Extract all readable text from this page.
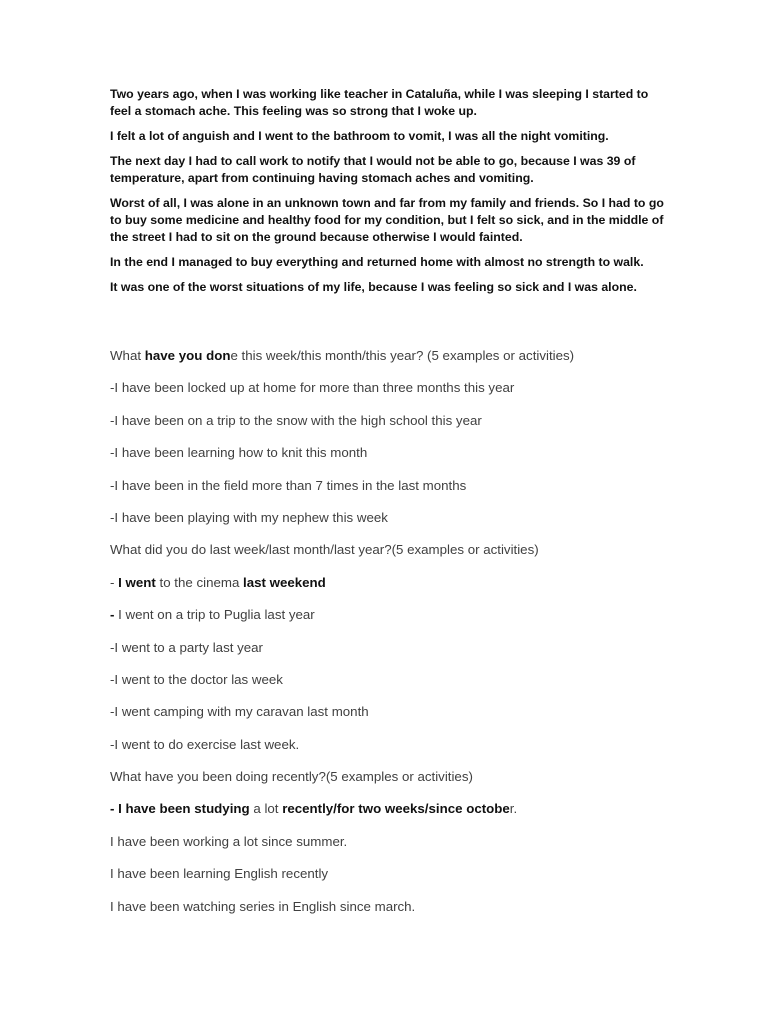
Two years ago, when I was working like teacher in Cataluña, while I was sleeping I started to feel a stomach ache. This feeling was so strong that I woke up.

I felt a lot of anguish and I went to the bathroom to vomit, I was all the night vomiting.

The next day I had to call work to notify that I would not be able to go, because I was 39 of temperature, apart from continuing having stomach aches and vomiting.

Worst of all, I was alone in an unknown town and far from my family and friends. So I had to go to buy some medicine and healthy food for my condition, but I felt so sick, and in the middle of the street I had to sit on the ground because otherwise I would fainted.

In the end I managed to buy everything and returned home with almost no strength to walk.

It was one of the worst situations of my life, because I was feeling so sick and I was alone.

What have you done this week/this month/this year? (5 examples or activities)
-I have been locked up at home for more than three months this year
-I have been on a trip to the snow with the high school this year
-I have been learning how to knit this month
-I have been in the field more than 7 times in the last months
-I have been playing with my nephew this week
What did you do last week/last month/last year?(5 examples or activities)
- I went to the cinema last weekend
- I went on a trip to Puglia last year
-I went to a party last year
-I went to the doctor las week
-I went camping with my caravan last month
-I went to do exercise last week.
What have you been doing recently?(5 examples or activities)
- I have been studying a lot recently/for two weeks/since october.
I have been working a lot since summer.
I have been learning English recently
I have been watching series in English since march.
